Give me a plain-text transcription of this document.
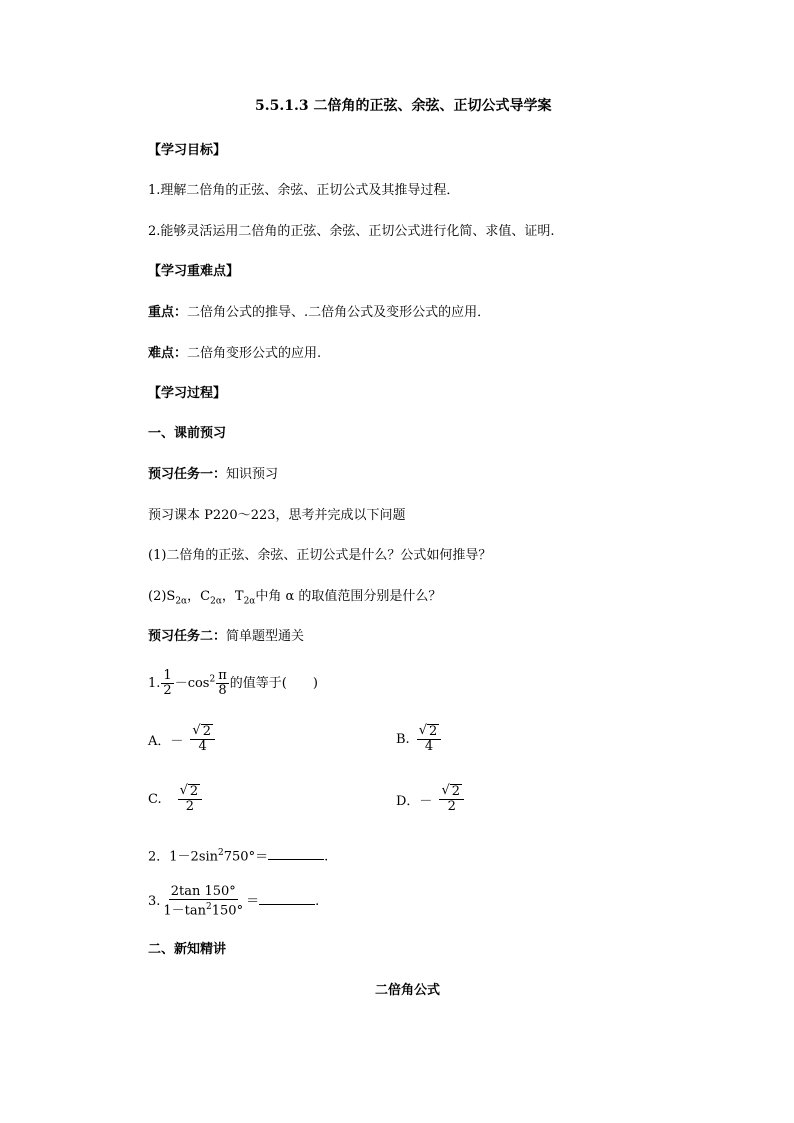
5.5.1.3 二倍角的正弦、余弦、正切公式导学案
【学习目标】
1.理解二倍角的正弦、余弦、正切公式及其推导过程．
2.能够灵活运用二倍角的正弦、余弦、正切公式进行化简、求值、证明.
【学习重难点】
重点：二倍角公式的推导、.二倍角公式及变形公式的应用．
难点：二倍角变形公式的应用.
【学习过程】
一、课前预习
预习任务一：知识预习
预习课本 P220～223，思考并完成以下问题
(1)二倍角的正弦、余弦、正切公式是什么？公式如何推导？
$(2)S_{2\alpha}$，$C_{2\alpha}$，$T_{2\alpha}$中角 α 的取值范围分别是什么？
预习任务二：简单题型通关
1. $\frac{1}{2} -\cos^2 \frac{\pi}{8}$ 的值等于(　　)
A．－ $\frac{√ 2}{4}$	B. $\frac{√ 2}{4}$
C. $\frac{√ 2}{2}$	D．－ $\frac{√ 2}{2}$
2．$1-2\sin^2750^\circ=$	.
3. $\frac{2\tan 150^\circ}{1-\tan^2150^\circ}$ ＝	.
二、新知精讲
二倍角公式
